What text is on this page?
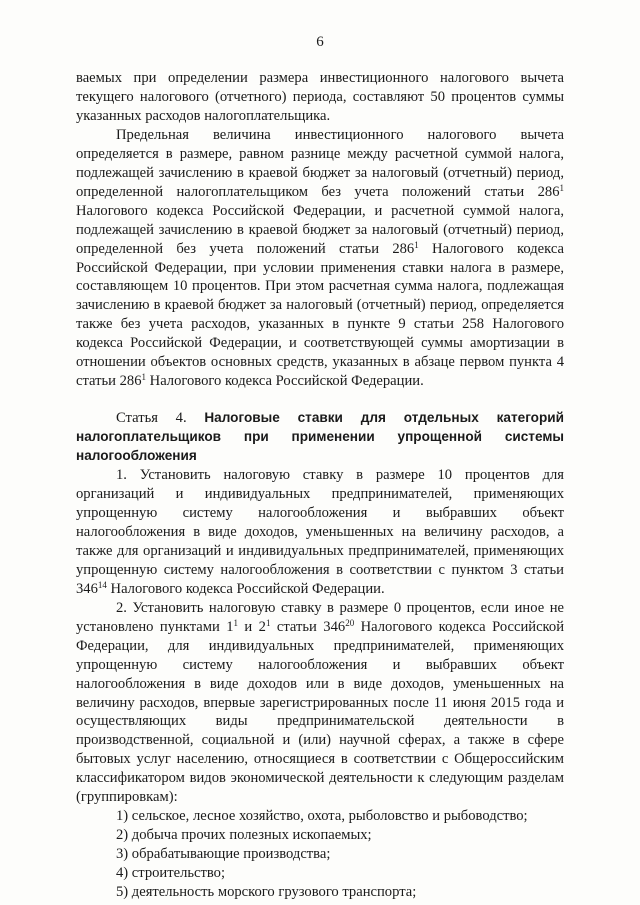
6

ваемых при определении размера инвестиционного налогового вычета текущего налогового (отчетного) периода, составляют 50 процентов суммы указанных расходов налогоплательщика.

Предельная величина инвестиционного налогового вычета определяется в размере, равном разнице между расчетной суммой налога, подлежащей зачислению в краевой бюджет за налоговый (отчетный) период, определенной налогоплательщиком без учета положений статьи $286^1$ Налогового кодекса Российской Федерации, и расчетной суммой налога, подлежащей зачислению в краевой бюджет за налоговый (отчетный) период, определенной без учета положений статьи $286^1$ Налогового кодекса Российской Федерации, при условии применения ставки налога в размере, составляющем 10 процентов. При этом расчетная сумма налога, подлежащая зачислению в краевой бюджет за налоговый (отчетный) период, определяется также без учета расходов, указанных в пункте 9 статьи 258 Налогового кодекса Российской Федерации, и соответствующей суммы амортизации в отношении объектов основных средств, указанных в абзаце первом пункта 4 статьи $286^1$ Налогового кодекса Российской Федерации.

Статья 4. Налоговые ставки для отдельных категорий налогоплательщиков при применении упрощенной системы налогообложения

1. Установить налоговую ставку в размере 10 процентов для организаций и индивидуальных предпринимателей, применяющих упрощенную систему налогообложения и выбравших объект налогообложения в виде доходов, уменьшенных на величину расходов, а также для организаций и индивидуальных предпринимателей, применяющих упрощенную систему налогообложения в соответствии с пунктом 3 статьи $346^{14}$ Налогового кодекса Российской Федерации.

2. Установить налоговую ставку в размере 0 процентов, если иное не установлено пунктами $1^1$ и $2^1$ статьи $346^{20}$ Налогового кодекса Российской Федерации, для индивидуальных предпринимателей, применяющих упрощенную систему налогообложения и выбравших объект налогообложения в виде доходов или в виде доходов, уменьшенных на величину расходов, впервые зарегистрированных после 11 июня 2015 года и осуществляющих виды предпринимательской деятельности в производственной, социальной и (или) научной сферах, а также в сфере бытовых услуг населению, относящиеся в соответствии с Общероссийским классификатором видов экономической деятельности к следующим разделам (группировкам):

1) сельское, лесное хозяйство, охота, рыболовство и рыбоводство;

2) добыча прочих полезных ископаемых;

3) обрабатывающие производства;

4) строительство;

5) деятельность морского грузового транспорта;
